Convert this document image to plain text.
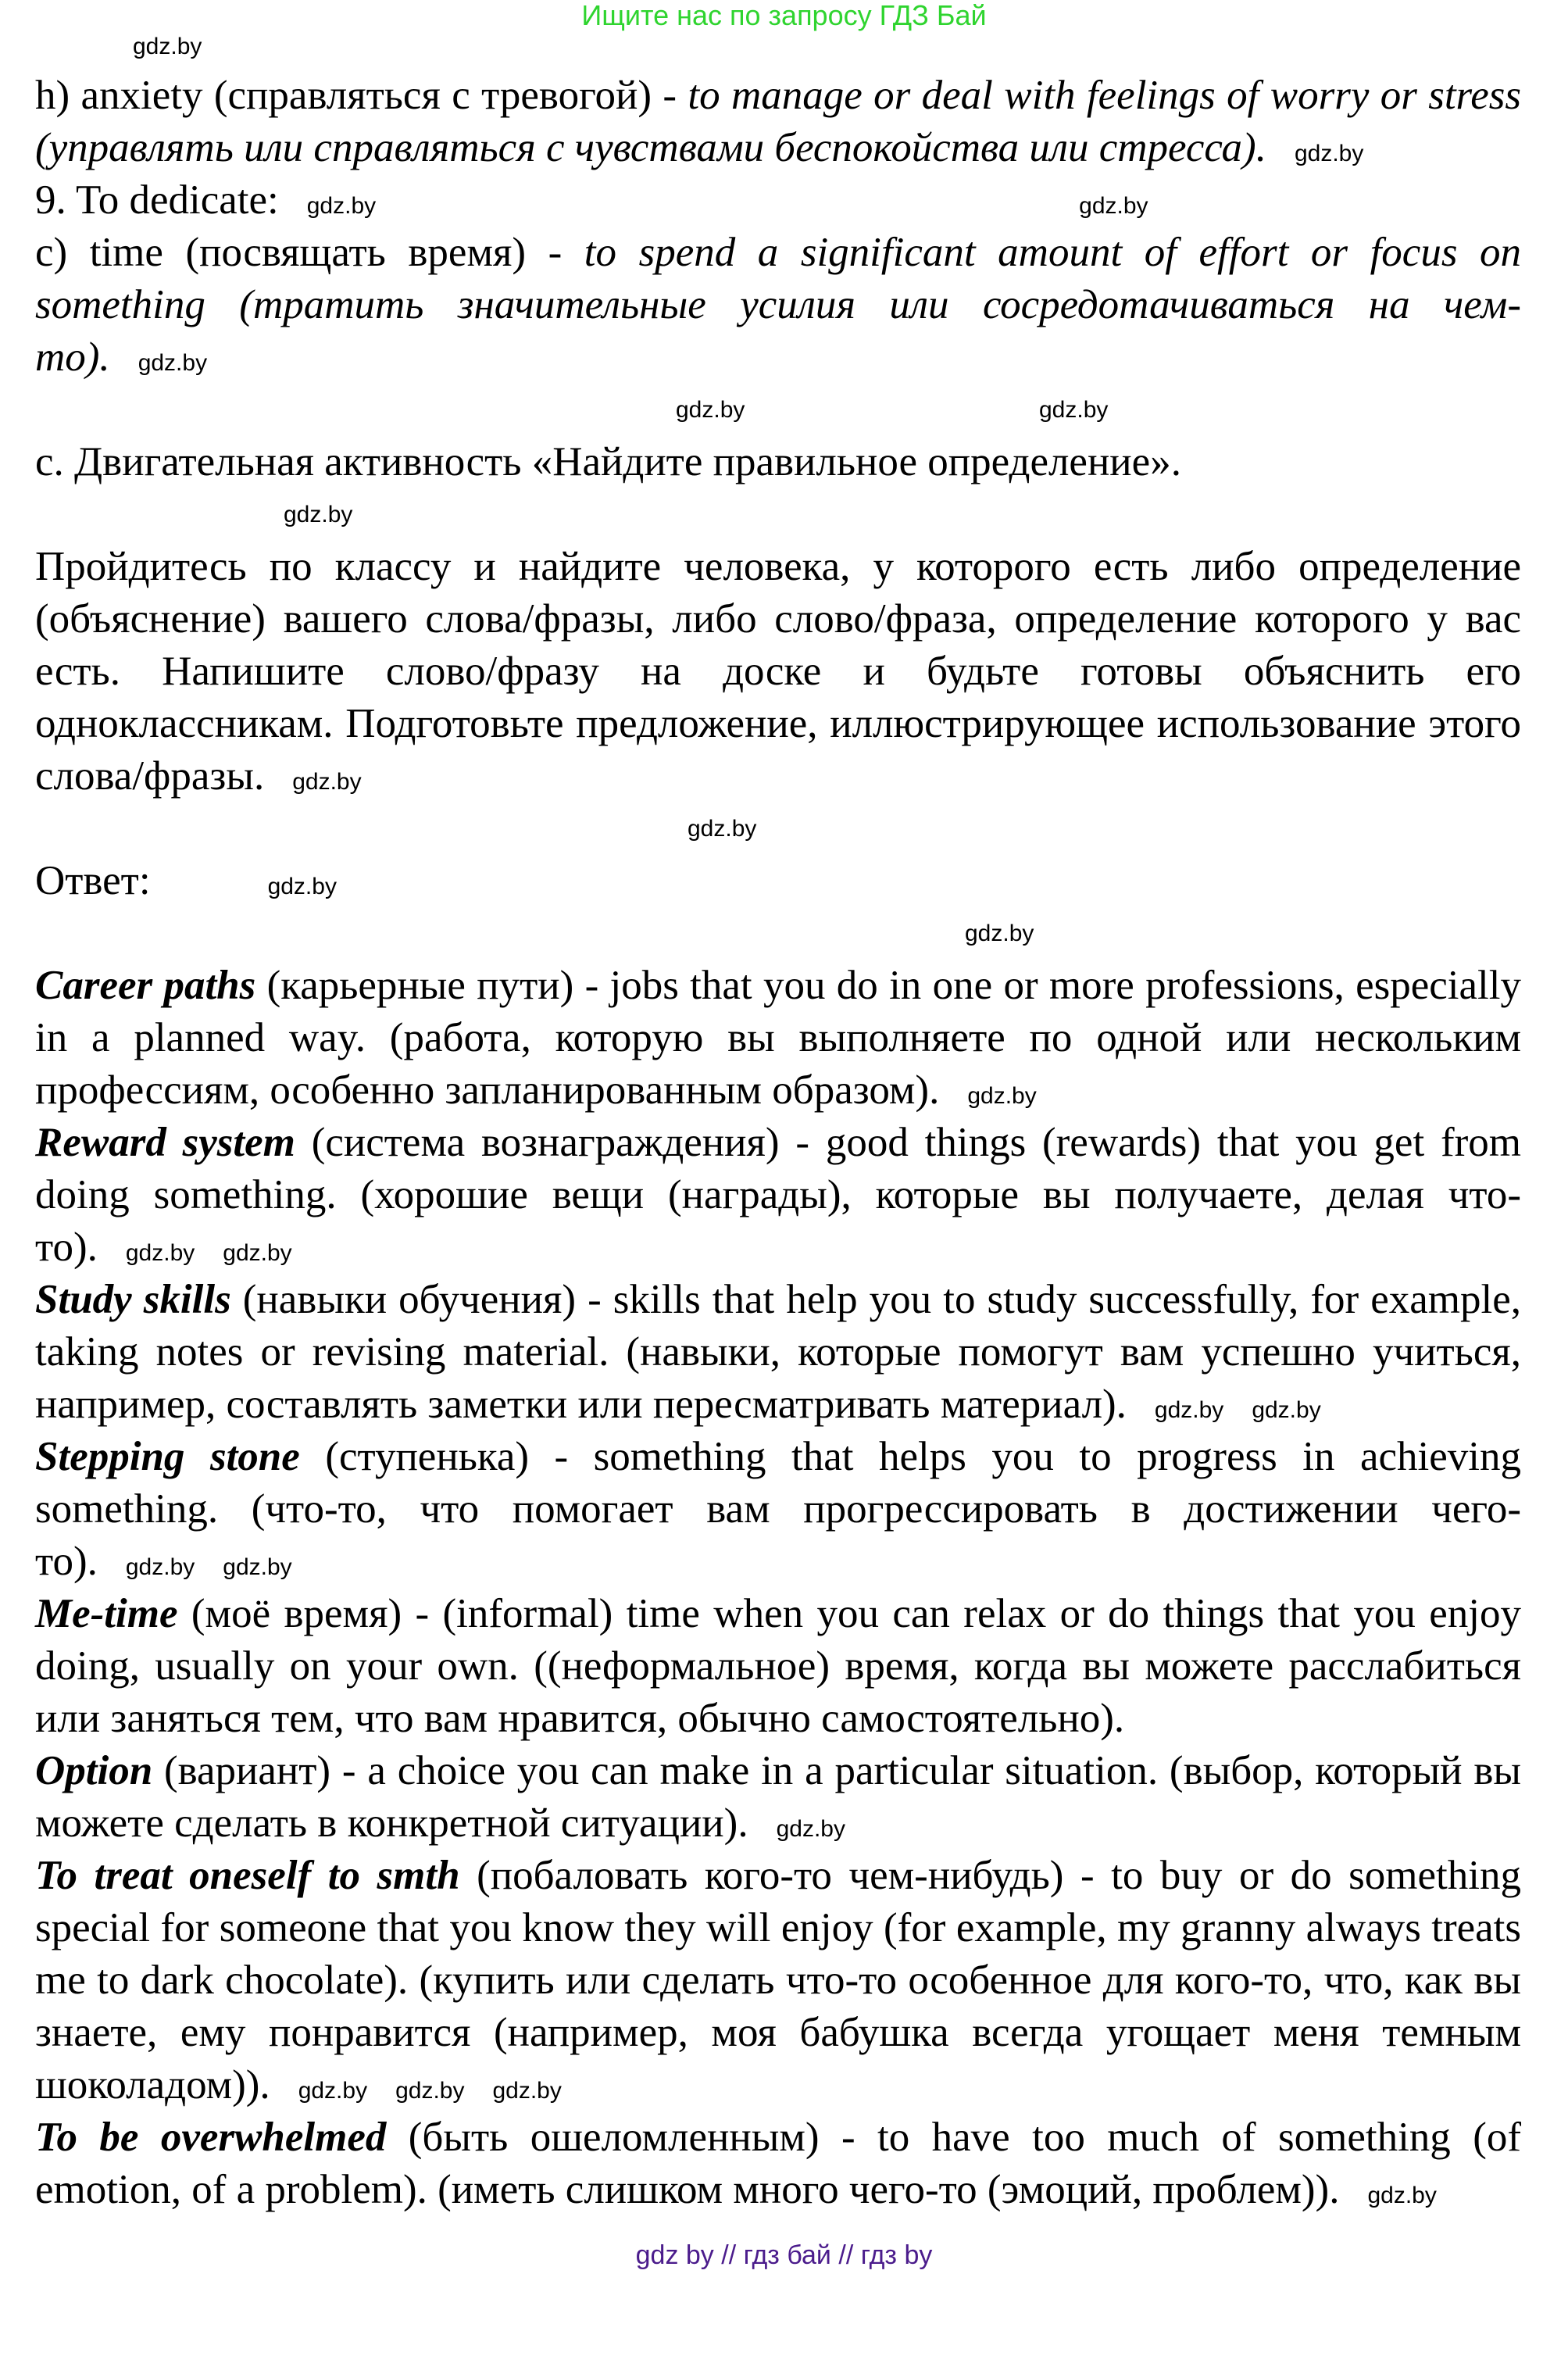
Ищите нас по запросу ГДЗ Бай
gdz.by
h) anxiety (справляться с тревогой) - to manage or deal with feelings of worry or stress (управлять или справляться с чувствами беспокойства или стресса). gdz.by
9. To dedicate: gdz.by	gdz.by
c) time (посвящать время) - to spend a significant amount of effort or focus on something (тратить значительные усилия или сосредотачиваться на чем-то). gdz.by
gdz.by	gdz.by
c. Двигательная активность «Найдите правильное определение».
gdz.by
Пройдитесь по классу и найдите человека, у которого есть либо определение (объяснение) вашего слова/фразы, либо слово/фраза, определение которого у вас есть. Напишите слово/фразу на доске и будьте готовы объяснить его одноклассникам. Подготовьте предложение, иллюстрирующее использование этого слова/фразы. gdz.by
gdz.by
Ответ:	gdz.by
gdz.by
Career paths (карьерные пути) - jobs that you do in one or more professions, especially in a planned way. (работа, которую вы выполняете по одной или нескольким профессиям, особенно запланированным образом). gdz.by
Reward system (система вознаграждения) - good things (rewards) that you get from doing something. (хорошие вещи (награды), которые вы получаете, делая что-то). gdz.by gdz.by
Study skills (навыки обучения) - skills that help you to study successfully, for example, taking notes or revising material. (навыки, которые помогут вам успешно учиться, например, составлять заметки или пересматривать материал). gdz.by gdz.by
Stepping stone (ступенька) - something that helps you to progress in achieving something. (что-то, что помогает вам прогрессировать в достижении чего-то). gdz.by gdz.by
Me-time (моё время) - (informal) time when you can relax or do things that you enjoy doing, usually on your own. ((неформальное) время, когда вы можете расслабиться или заняться тем, что вам нравится, обычно самостоятельно).
Option (вариант) - a choice you can make in a particular situation. (выбор, который вы можете сделать в конкретной ситуации). gdz.by
To treat oneself to smth (побаловать кого-то чем-нибудь) - to buy or do something special for someone that you know they will enjoy (for example, my granny always treats me to dark chocolate). (купить или сделать что-то особенное для кого-то, что, как вы знаете, ему понравится (например, моя бабушка всегда угощает меня темным шоколадом)). gdz.by gdz.by gdz.by
To be overwhelmed (быть ошеломленным) - to have too much of something (of emotion, of a problem). (иметь слишком много чего-то (эмоций, проблем)). gdz.by
gdz by // гдз бай // гдз by
